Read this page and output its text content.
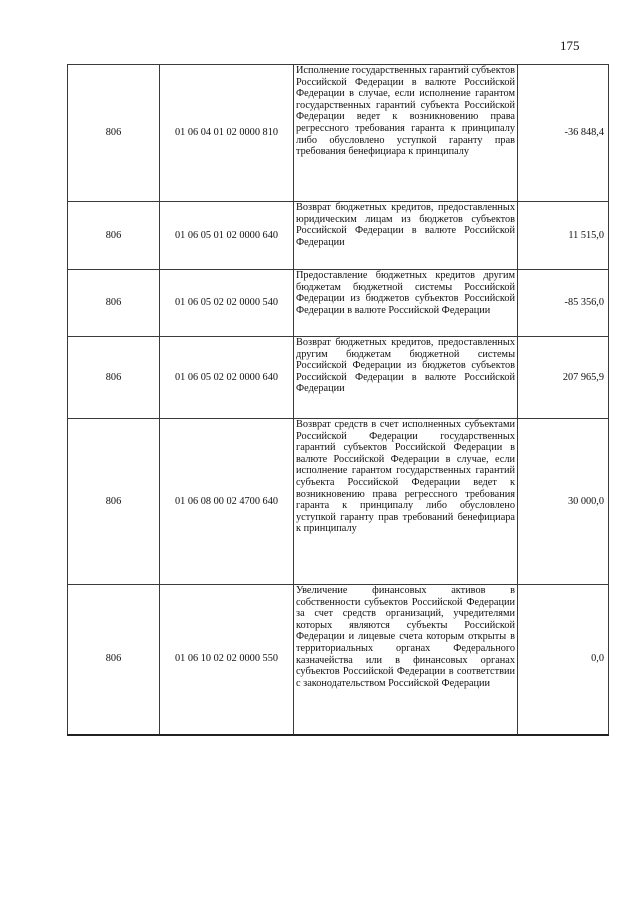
175
806	01 06 04 01 02 0000 810	Исполнение государственных гарантий субъектов Российской Федерации в валюте Российской Федерации в случае, если исполнение гарантом государственных гарантий субъекта Российской Федерации ведет к возникновению права регрессного требования гаранта к принципалу либо обусловлено уступкой гаранту прав требования бенефициара к принципалу	-36 848,4
806	01 06 05 01 02 0000 640	Возврат бюджетных кредитов, предоставленных юридическим лицам из бюджетов субъектов Российской Федерации в валюте Российской Федерации	11 515,0
806	01 06 05 02 02 0000 540	Предоставление бюджетных кредитов другим бюджетам бюджетной системы Российской Федерации из бюджетов субъектов Российской Федерации в валюте Российской Федерации	-85 356,0
806	01 06 05 02 02 0000 640	Возврат бюджетных кредитов, предоставленных другим бюджетам бюджетной системы Российской Федерации из бюджетов субъектов Российской Федерации в валюте Российской Федерации	207 965,9
806	01 06 08 00 02 4700 640	Возврат средств в счет исполненных субъектами Российской Федерации государственных гарантий субъектов Российской Федерации в валюте Российской Федерации в случае, если исполнение гарантом государственных гарантий субъекта Российской Федерации ведет к возникновению права регрессного требования гаранта к принципалу либо обусловлено уступкой гаранту прав требований бенефициара к принципалу	30 000,0
806	01 06 10 02 02 0000 550	Увеличение финансовых активов в собственности субъектов Российской Федерации за счет средств организаций, учредителями которых являются субъекты Российской Федерации и лицевые счета которым открыты в территориальных органах Федерального казначейства или в финансовых органах субъектов Российской Федерации в соответствии с законодательством Российской Федерации	0,0
